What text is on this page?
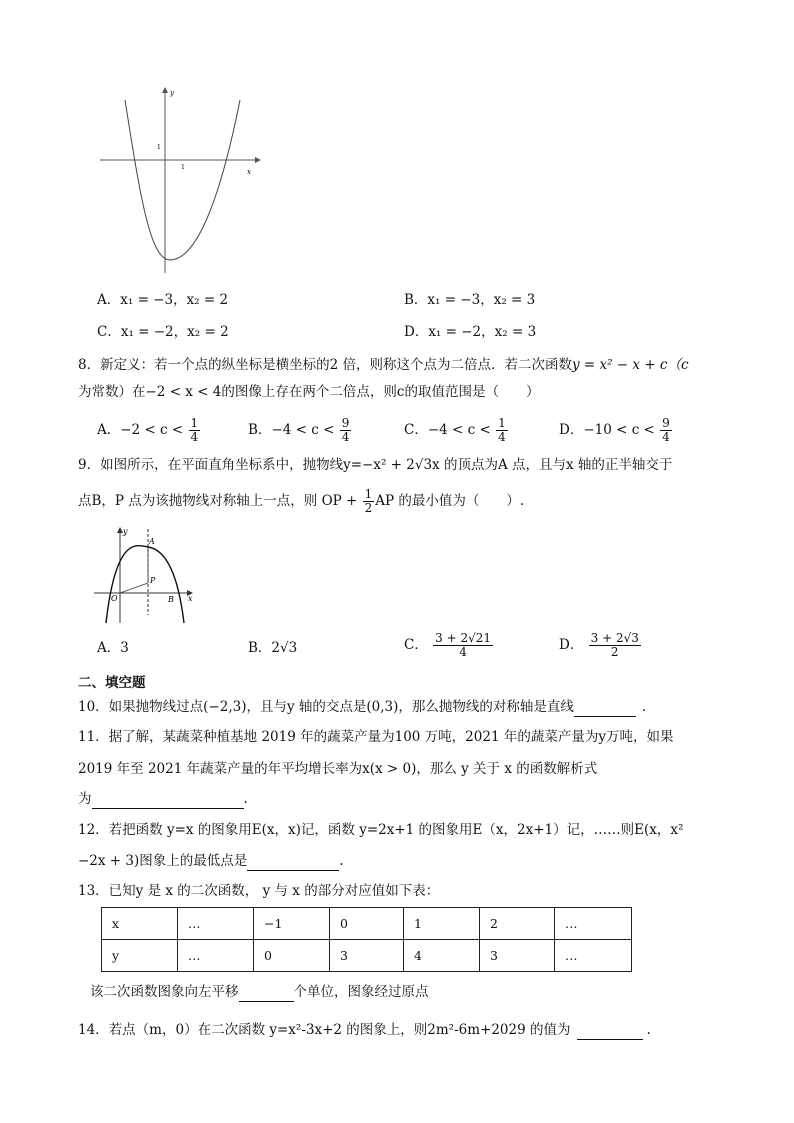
y
x
1
1
A．x₁ = −3，x₂ = 2	B．x₁ = −3，x₂ = 3
C．x₁ = −2，x₂ = 2	D．x₁ = −2，x₂ = 3
8．新定义：若一个点的纵坐标是横坐标的2 倍，则称这个点为二倍点．若二次函数y = x² − x + c（c
为常数）在−2 < x < 4的图像上存在两个二倍点，则c的取值范围是（　　）
A．$-2 < c < \frac{1}{4}$	B．$-4 < c < \frac{9}{4}$	C．$-4 < c < \frac{1}{4}$	D．$-10 < c < \frac{9}{4}$
9．如图所示，在平面直角坐标系中，抛物线y=−x² + 2√3x 的顶点为A 点，且与x 轴的正半轴交于
点B，P 点为该抛物线对称轴上一点，则 OP + $\frac{1}{2}$ AP 的最小值为（　　）.
A
P
O	B x
y
A．3	B．2√3	C． $\frac{3 + 2√21}{4}$	D． $\frac{3 + 2√3}{2}$
二、填空题
10．如果抛物线过点(−2,3)，且与y 轴的交点是(0,3)，那么抛物线的对称轴是直线	.
11．据了解，某蔬菜种植基地 2019 年的蔬菜产量为100 万吨，2021 年的蔬菜产量为y万吨，如果
2019 年至 2021 年蔬菜产量的年平均增长率为x(x > 0)，那么 y 关于 x 的函数解析式
为	.
12．若把函数 y=x 的图象用E(x，x)记，函数 y=2x+1 的图象用E（x，2x+1）记，……则E(x，x²
−2x + 3)图象上的最低点是	.
13．已知y 是 x 的二次函数， y 与 x 的部分对应值如下表：
x	…	−1	0	1	2	…
y	…	0	3	4	3	…
该二次函数图象向左平移	个单位，图象经过原点
14．若点（m，0）在二次函数 y=x²-3x+2 的图象上，则2m²-6m+2029 的值为	.
